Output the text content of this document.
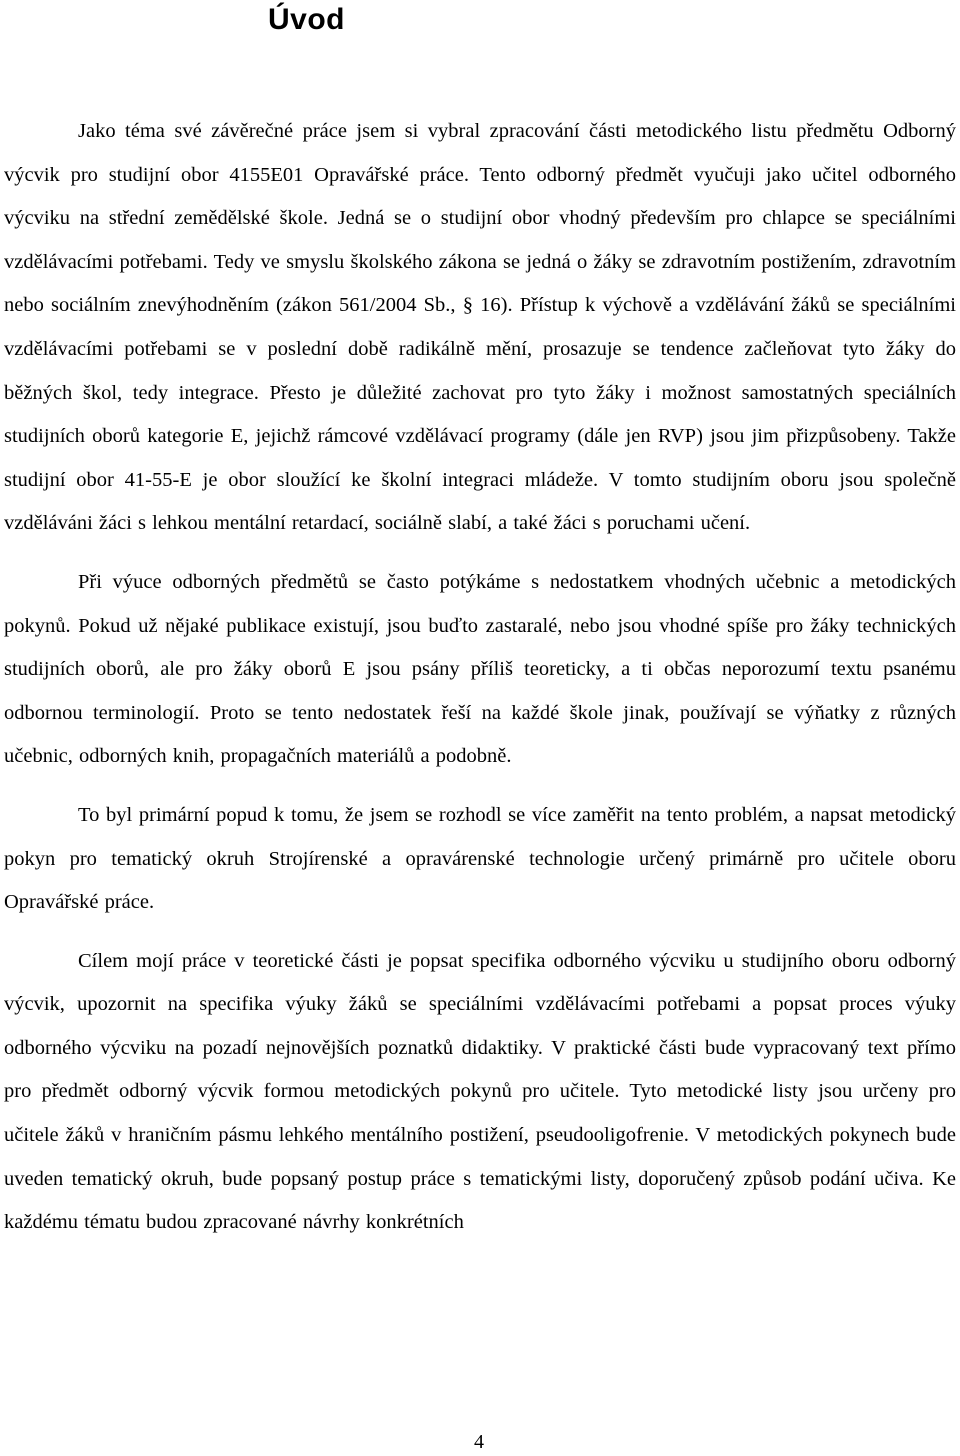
Úvod

Jako téma své závěrečné práce jsem si vybral zpracování části metodického listu předmětu Odborný výcvik pro studijní obor 4155E01 Opravářské práce. Tento odborný předmět vyučuji jako učitel odborného výcviku na střední zemědělské škole. Jedná se o studijní obor vhodný především pro chlapce se speciálními vzdělávacími potřebami. Tedy ve smyslu školského zákona se jedná o žáky se zdravotním postižením, zdravotním nebo sociálním znevýhodněním (zákon 561/2004 Sb., § 16). Přístup k výchově a vzdělávání žáků se speciálními vzdělávacími potřebami se v poslední době radikálně mění, prosazuje se tendence začleňovat tyto žáky do běžných škol, tedy integrace. Přesto je důležité zachovat pro tyto žáky i možnost samostatných speciálních studijních oborů kategorie E, jejichž rámcové vzdělávací programy (dále jen RVP) jsou jim přizpůsobeny. Takže studijní obor 41-55-E je obor sloužící ke školní integraci mládeže. V tomto studijním oboru jsou společně vzděláváni žáci s lehkou mentální retardací, sociálně slabí, a také žáci s poruchami učení.

Při výuce odborných předmětů se často potýkáme s nedostatkem vhodných učebnic a metodických pokynů. Pokud už nějaké publikace existují, jsou buďto zastaralé, nebo jsou vhodné spíše pro žáky technických studijních oborů, ale pro žáky oborů E jsou psány příliš teoreticky, a ti občas neporozumí textu psanému odbornou terminologií. Proto se tento nedostatek řeší na každé škole jinak, používají se výňatky z různých učebnic, odborných knih, propagačních materiálů a podobně.

To byl primární popud k tomu, že jsem se rozhodl se více zaměřit na tento problém, a napsat metodický pokyn pro tematický okruh Strojírenské a opravárenské technologie určený primárně pro učitele oboru Opravářské práce.

Cílem mojí práce v teoretické části je popsat specifika odborného výcviku u studijního oboru odborný výcvik, upozornit na specifika výuky žáků se speciálními vzdělávacími potřebami a popsat proces výuky odborného výcviku na pozadí nejnovějších poznatků didaktiky. V praktické části bude vypracovaný text přímo pro předmět odborný výcvik formou metodických pokynů pro učitele. Tyto metodické listy jsou určeny pro učitele žáků v hraničním pásmu lehkého mentálního postižení, pseudooligofrenie. V metodických pokynech bude uveden tematický okruh, bude popsaný postup práce s tematickými listy, doporučený způsob podání učiva. Ke každému tématu budou zpracované návrhy konkrétních

4
